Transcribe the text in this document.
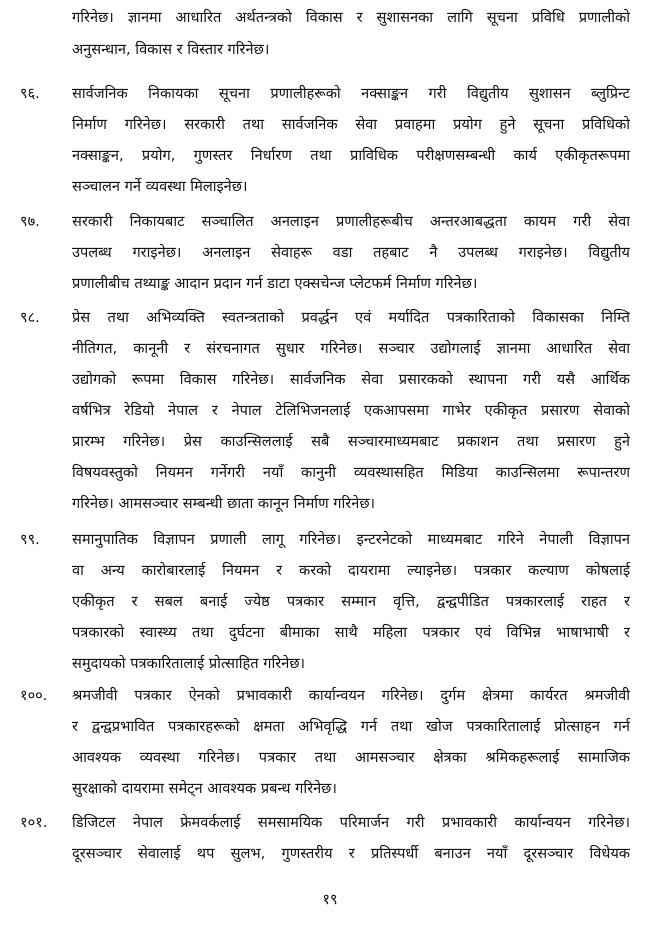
गरिनेछ। ज्ञानमा आधारित अर्थतन्त्रको विकास र सुशासनका लागि सूचना प्रविधि प्रणालीको
अनुसन्धान, विकास र विस्तार गरिनेछ।
९६.	सार्वजनिक निकायका सूचना प्रणालीहरूको नक्साङ्कन गरी विद्युतीय सुशासन ब्लुप्रिन्ट
निर्माण गरिनेछ। सरकारी तथा सार्वजनिक सेवा प्रवाहमा प्रयोग हुने सूचना प्रविधिको
नक्साङ्कन, प्रयोग, गुणस्तर निर्धारण तथा प्राविधिक परीक्षणसम्बन्धी कार्य एकीकृतरूपमा
सञ्चालन गर्ने व्यवस्था मिलाइनेछ।
९७.	सरकारी निकायबाट सञ्चालित अनलाइन प्रणालीहरूबीच अन्तरआबद्धता कायम गरी सेवा
उपलब्ध गराइनेछ। अनलाइन सेवाहरू वडा तहबाट नै उपलब्ध गराइनेछ। विद्युतीय
प्रणालीबीच तथ्याङ्क आदान प्रदान गर्न डाटा एक्सचेन्ज प्लेटफर्म निर्माण गरिनेछ।
९८.	प्रेस तथा अभिव्यक्ति स्वतन्त्रताको प्रवर्द्धन एवं मर्यादित पत्रकारिताको विकासका निम्ति
नीतिगत, कानूनी र संरचनागत सुधार गरिनेछ। सञ्चार उद्योगलाई ज्ञानमा आधारित सेवा
उद्योगको रूपमा विकास गरिनेछ। सार्वजनिक सेवा प्रसारकको स्थापना गरी यसै आर्थिक
वर्षभित्र रेडियो नेपाल र नेपाल टेलिभिजनलाई एकआपसमा गाभेर एकीकृत प्रसारण सेवाको
प्रारम्भ गरिनेछ। प्रेस काउन्सिललाई सबै सञ्चारमाध्यमबाट प्रकाशन तथा प्रसारण हुने
विषयवस्तुको नियमन गर्नेगरी नयाँ कानुनी व्यवस्थासहित मिडिया काउन्सिलमा रूपान्तरण
गरिनेछ। आमसञ्चार सम्बन्धी छाता कानून निर्माण गरिनेछ।
९९.	समानुपातिक विज्ञापन प्रणाली लागू गरिनेछ। इन्टरनेटको माध्यमबाट गरिने नेपाली विज्ञापन
वा अन्य कारोबारलाई नियमन र करको दायरामा ल्याइनेछ। पत्रकार कल्याण कोषलाई
एकीकृत र सबल बनाई ज्येष्ठ पत्रकार सम्मान वृत्ति, द्वन्द्वपीडित पत्रकारलाई राहत र
पत्रकारको स्वास्थ्य तथा दुर्घटना बीमाका साथै महिला पत्रकार एवं विभिन्न भाषाभाषी र
समुदायको पत्रकारितालाई प्रोत्साहित गरिनेछ।
१००.	श्रमजीवी पत्रकार ऐनको प्रभावकारी कार्यान्वयन गरिनेछ। दुर्गम क्षेत्रमा कार्यरत श्रमजीवी
र द्वन्द्वप्रभावित पत्रकारहरूको क्षमता अभिवृद्धि गर्न तथा खोज पत्रकारितालाई प्रोत्साहन गर्न
आवश्यक व्यवस्था गरिनेछ। पत्रकार तथा आमसञ्चार क्षेत्रका श्रमिकहरूलाई सामाजिक
सुरक्षाको दायरामा समेट्न आवश्यक प्रबन्ध गरिनेछ।
१०१.	डिजिटल नेपाल फ्रेमवर्कलाई समसामयिक परिमार्जन गरी प्रभावकारी कार्यान्वयन गरिनेछ।
दूरसञ्चार सेवालाई थप सुलभ, गुणस्तरीय र प्रतिस्पर्धी बनाउन नयाँ दूरसञ्चार विधेयक
१९
